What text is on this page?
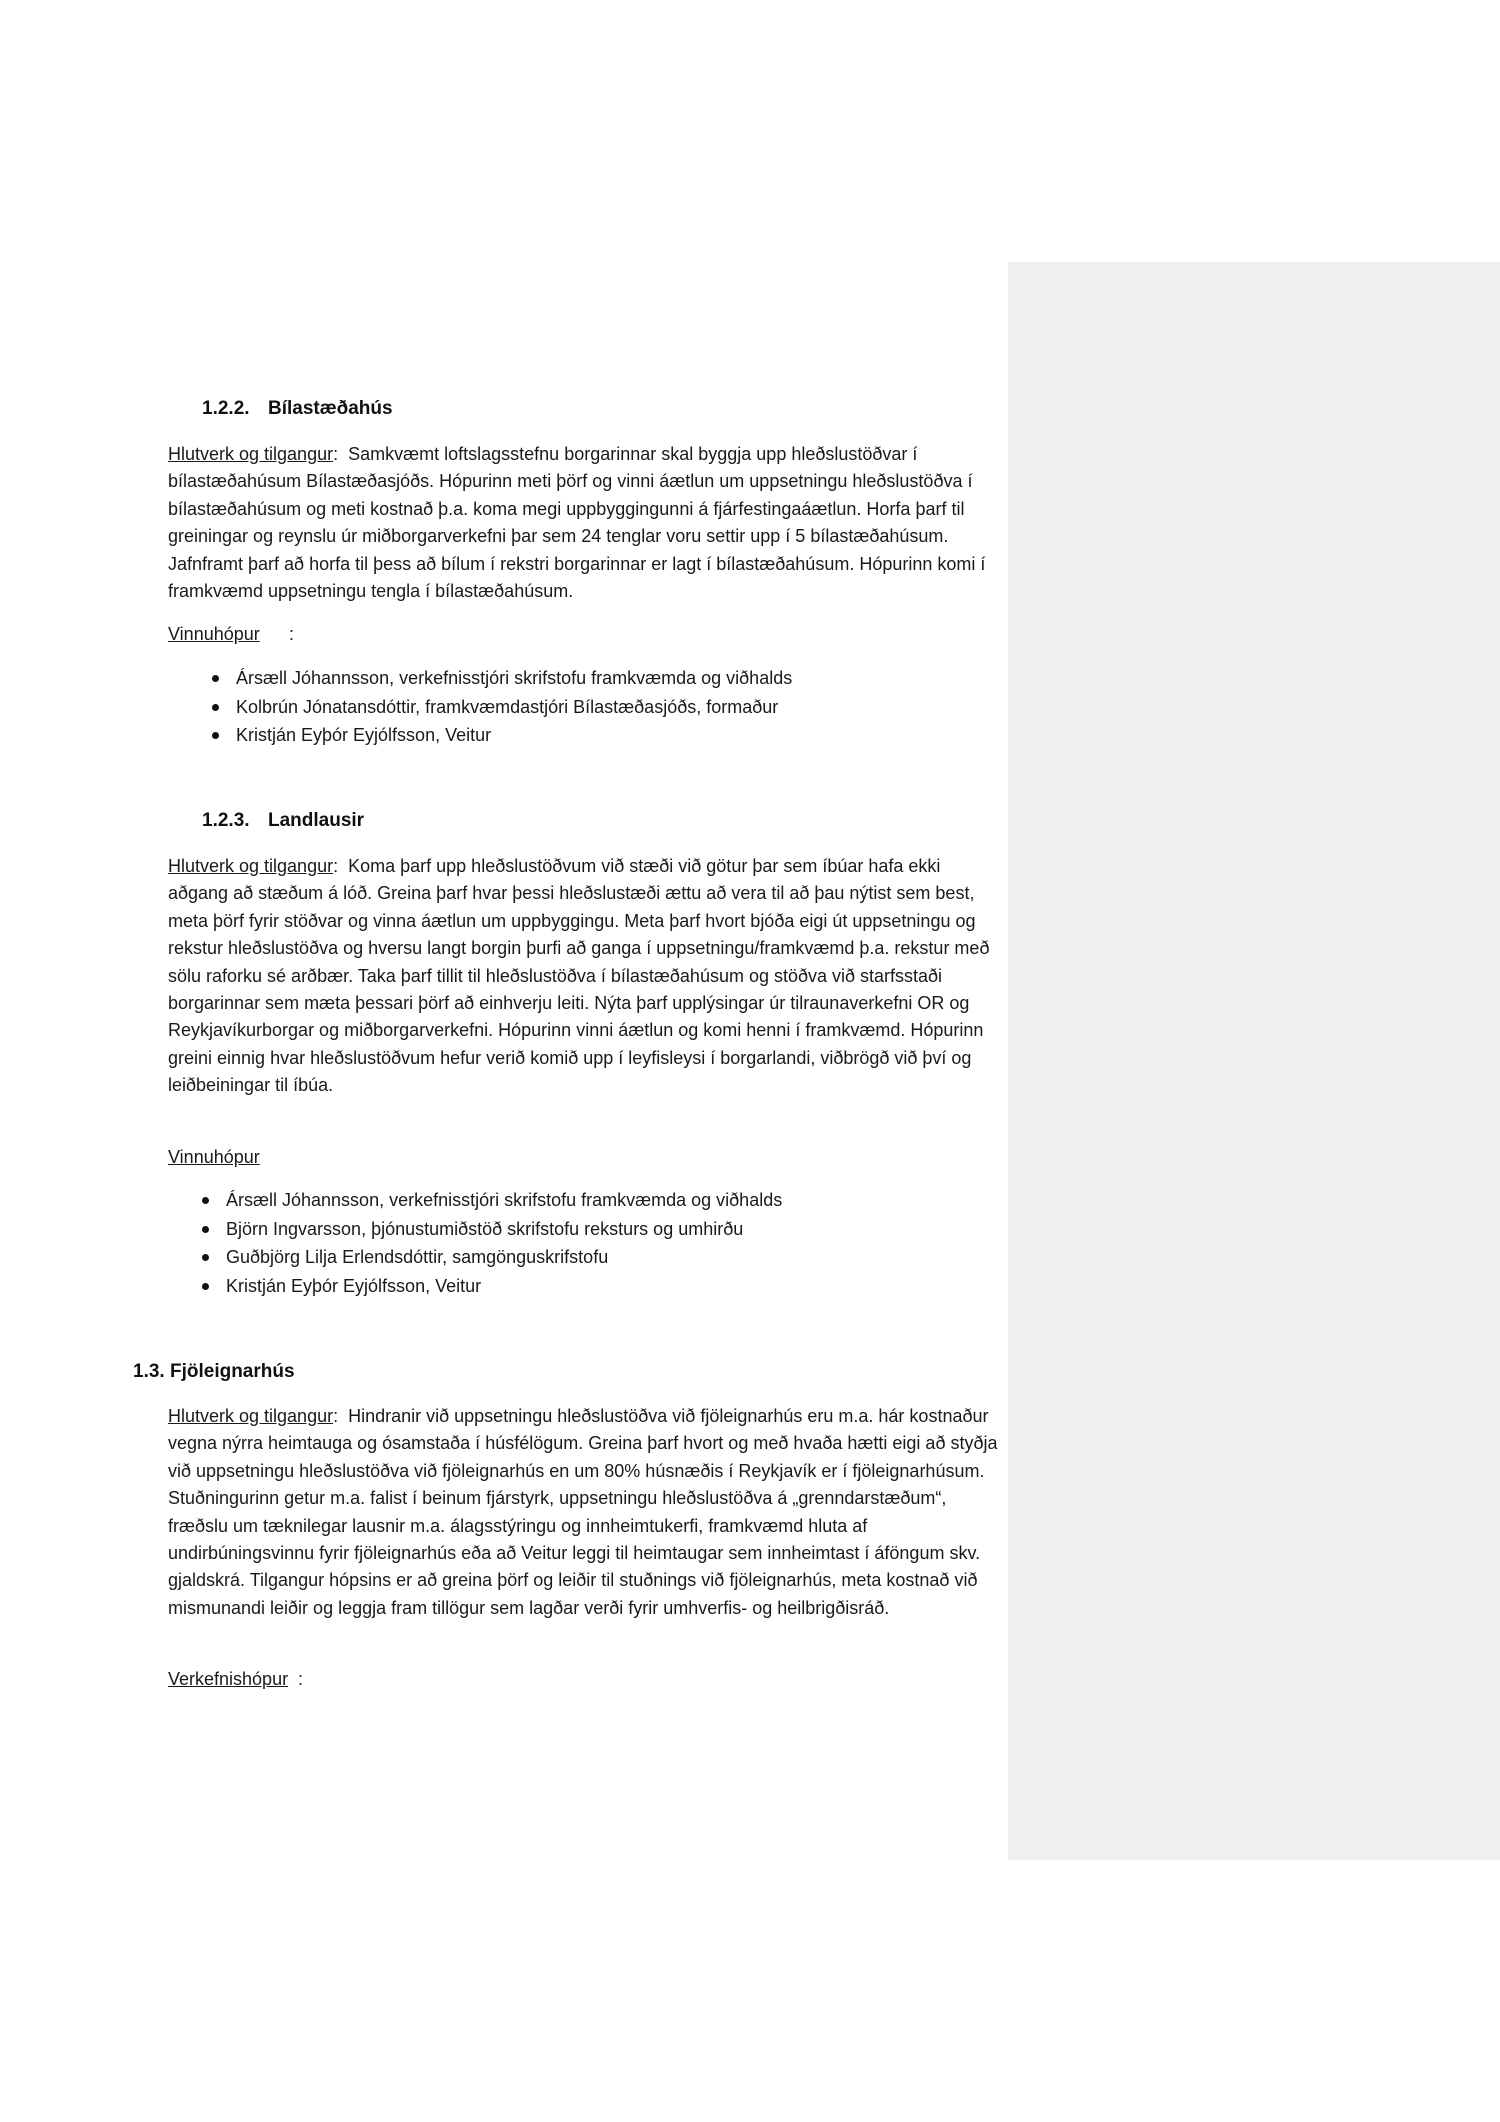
1.2.2. Bílastæðahús

Hlutverk og tilgangur:  Samkvæmt loftslagsstefnu borgarinnar skal byggja upp hleðslustöðvar í bílastæðahúsum Bílastæðasjóðs. Hópurinn meti þörf og vinni áætlun um uppsetningu hleðslustöðva í bílastæðahúsum og meti kostnað þ.a. koma megi uppbyggingunni á fjárfestingaáætlun. Horfa þarf til greiningar og reynslu úr miðborgarverkefni þar sem 24 tenglar voru settir upp í 5 bílastæðahúsum. Jafnframt þarf að horfa til þess að bílum í rekstri borgarinnar er lagt í bílastæðahúsum. Hópurinn komi í framkvæmd uppsetningu tengla í bílastæðahúsum.

Vinnuhópur :
Ársæll Jóhannsson, verkefnisstjóri skrifstofu framkvæmda og viðhalds
Kolbrún Jónatansdóttir, framkvæmdastjóri Bílastæðasjóðs, formaður
Kristján Eyþór Eyjólfsson, Veitur
1.2.3. Landlausir

Hlutverk og tilgangur:  Koma þarf upp hleðslustöðvum við stæði við götur þar sem íbúar hafa ekki aðgang að stæðum á lóð. Greina þarf hvar þessi hleðslustæði ættu að vera til að þau nýtist sem best, meta þörf fyrir stöðvar og vinna áætlun um uppbyggingu. Meta þarf hvort bjóða eigi út uppsetningu og rekstur hleðslustöðva og hversu langt borgin þurfi að ganga í uppsetningu/framkvæmd þ.a. rekstur með sölu raforku sé arðbær. Taka þarf tillit til hleðslustöðva í bílastæðahúsum og stöðva við starfsstaði borgarinnar sem mæta þessari þörf að einhverju leiti. Nýta þarf upplýsingar úr tilraunaverkefni OR og Reykjavíkurborgar og miðborgarverkefni. Hópurinn vinni áætlun og komi henni í framkvæmd. Hópurinn greini einnig hvar hleðslustöðvum hefur verið komið upp í leyfisleysi í borgarlandi, viðbrögð við því og leiðbeiningar til íbúa.

Vinnuhópur

Ársæll Jóhannsson, verkefnisstjóri skrifstofu framkvæmda og viðhalds
Björn Ingvarsson, þjónustumiðstöð skrifstofu reksturs og umhirðu
Guðbjörg Lilja Erlendsdóttir, samgönguskrifstofu
Kristján Eyþór Eyjólfsson, Veitur
1.3. Fjöleignarhús

Hlutverk og tilgangur:  Hindranir við uppsetningu hleðslustöðva við fjöleignarhús eru m.a. hár kostnaður vegna nýrra heimtauga og ósamstaða í húsfélögum. Greina þarf hvort og með hvaða hætti eigi að styðja við uppsetningu hleðslustöðva við fjöleignarhús en um 80% húsnæðis í Reykjavík er í fjöleignarhúsum. Stuðningurinn getur m.a. falist í beinum fjárstyrk, uppsetningu hleðslustöðva á „grenndarstæðum“, fræðslu um tæknilegar lausnir m.a. álagsstýringu og innheimtukerfi, framkvæmd hluta af undirbúningsvinnu fyrir fjöleignarhús eða að Veitur leggi til heimtaugar sem innheimtast í áföngum skv. gjaldskrá. Tilgangur hópsins er að greina þörf og leiðir til stuðnings við fjöleignarhús, meta kostnað við mismunandi leiðir og leggja fram tillögur sem lagðar verði fyrir umhverfis- og heilbrigðisráð.

Verkefnishópur :
